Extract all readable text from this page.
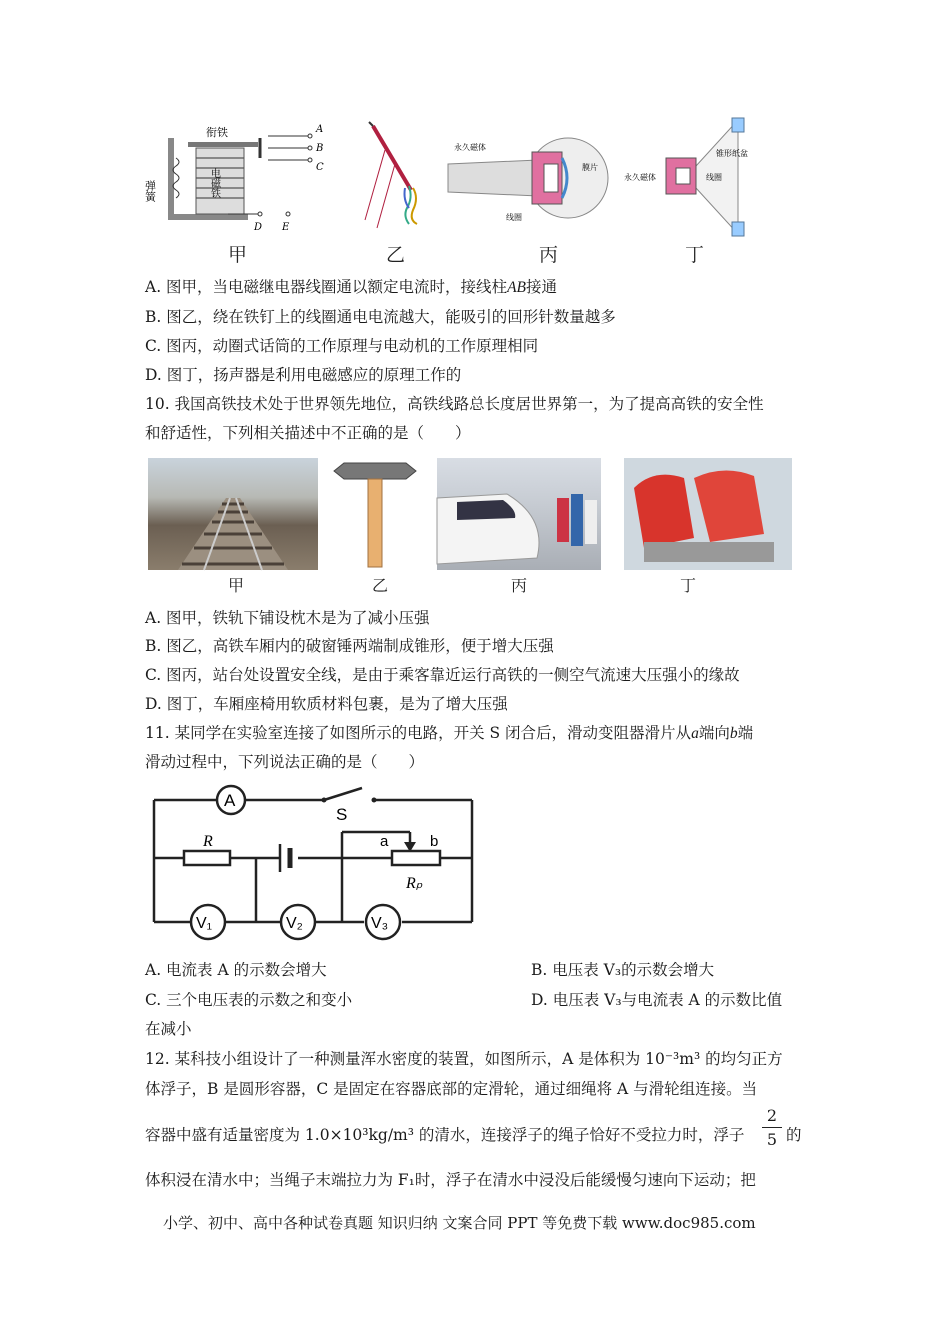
衔铁
弹簧	电磁铁
A
B
C
D E
永久磁体
膜片
线圈
永久磁体
锥形纸盆
线圈
甲	乙	丙	丁
A. 图甲，当电磁继电器线圈通以额定电流时，接线柱AB接通
B. 图乙，绕在铁钉上的线圈通电电流越大，能吸引的回形针数量越多
C. 图丙，动圈式话筒的工作原理与电动机的工作原理相同
D. 图丁，扬声器是利用电磁感应的原理工作的
10. 我国高铁技术处于世界领先地位，高铁线路总长度居世界第一，为了提高高铁的安全性
和舒适性，下列相关描述中不正确的是（　　）
甲	乙	丙	丁
A. 图甲，铁轨下铺设枕木是为了减小压强
B. 图乙，高铁车厢内的破窗锤两端制成锥形，便于增大压强
C. 图丙，站台处设置安全线，是由于乘客靠近运行高铁的一侧空气流速大压强小的缘故
D. 图丁，车厢座椅用软质材料包裹，是为了增大压强
11. 某同学在实验室连接了如图所示的电路，开关 S 闭合后，滑动变阻器滑片从a端向b端
滑动过程中，下列说法正确的是（　　）
A
S
R	a	b
Rₚ
V₁	V₂	V₃
A. 电流表 A 的示数会增大	B. 电压表 V₃的示数会增大
C. 三个电压表的示数之和变小	D. 电压表 V₃与电流表 A 的示数比值
在减小
12. 某科技小组设计了一种测量浑水密度的装置，如图所示，A 是体积为 10⁻³m³ 的均匀正方
体浮子，B 是圆形容器，C 是固定在容器底部的定滑轮，通过细绳将 A 与滑轮组连接。当
容器中盛有适量密度为 1.0×10³kg/m³ 的清水，连接浮子的绳子恰好不受拉力时，浮子
2
5 的
体积浸在清水中；当绳子末端拉力为 F₁时，浮子在清水中浸没后能缓慢匀速向下运动；把
小学、初中、高中各种试卷真题 知识归纳 文案合同 PPT 等免费下载 www.doc985.com
